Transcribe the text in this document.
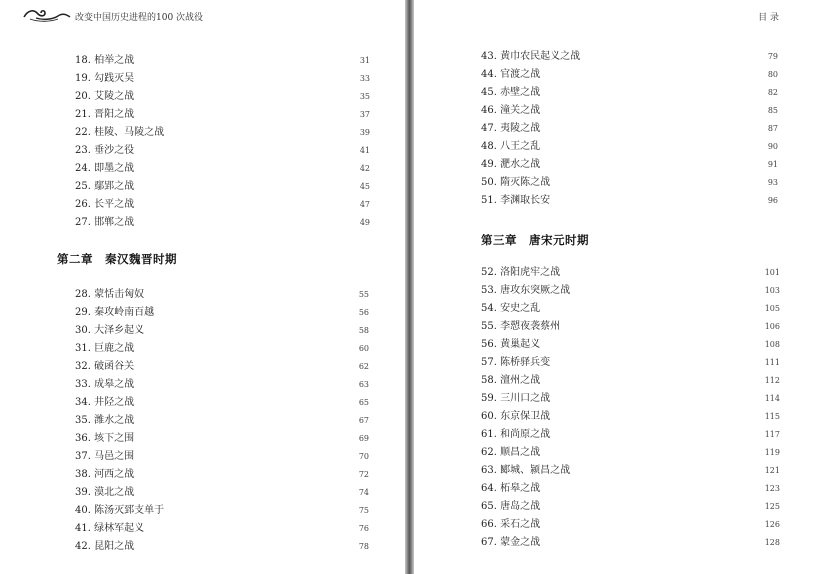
改变中国历史进程的100 次战役
18. 柏举之战	31
19. 勾践灭吴	33
20. 艾陵之战	35
21. 晋阳之战	37
22. 桂陵、马陵之战	39
23. 垂沙之役	41
24. 即墨之战	42
25. 鄢郢之战	45
26. 长平之战	47
27. 邯郸之战	49
第二章　秦汉魏晋时期
28. 蒙恬击匈奴	55
29. 秦攻岭南百越	56
30. 大泽乡起义	58
31. 巨鹿之战	60
32. 破函谷关	62
33. 成皋之战	63
34. 井陉之战	65
35. 潍水之战	67
36. 垓下之围	69
37. 马邑之围	70
38. 河西之战	72
39. 漠北之战	74
40. 陈汤灭郅支单于	75
41. 绿林军起义	76
42. 昆阳之战	78
目 录
43. 黄巾农民起义之战	79
44. 官渡之战	80
45. 赤壁之战	82
46. 潼关之战	85
47. 夷陵之战	87
48. 八王之乱	90
49. 淝水之战	91
50. 隋灭陈之战	93
51. 李渊取长安	96
第三章　唐宋元时期
52. 洛阳虎牢之战	101
53. 唐攻东突厥之战	103
54. 安史之乱	105
55. 李愬夜袭蔡州	106
56. 黄巢起义	108
57. 陈桥驿兵变	111
58. 澶州之战	112
59. 三川口之战	114
60. 东京保卫战	115
61. 和尚原之战	117
62. 顺昌之战	119
63. 郾城、颍昌之战	121
64. 柘皋之战	123
65. 唐岛之战	125
66. 采石之战	126
67. 蒙金之战	128
